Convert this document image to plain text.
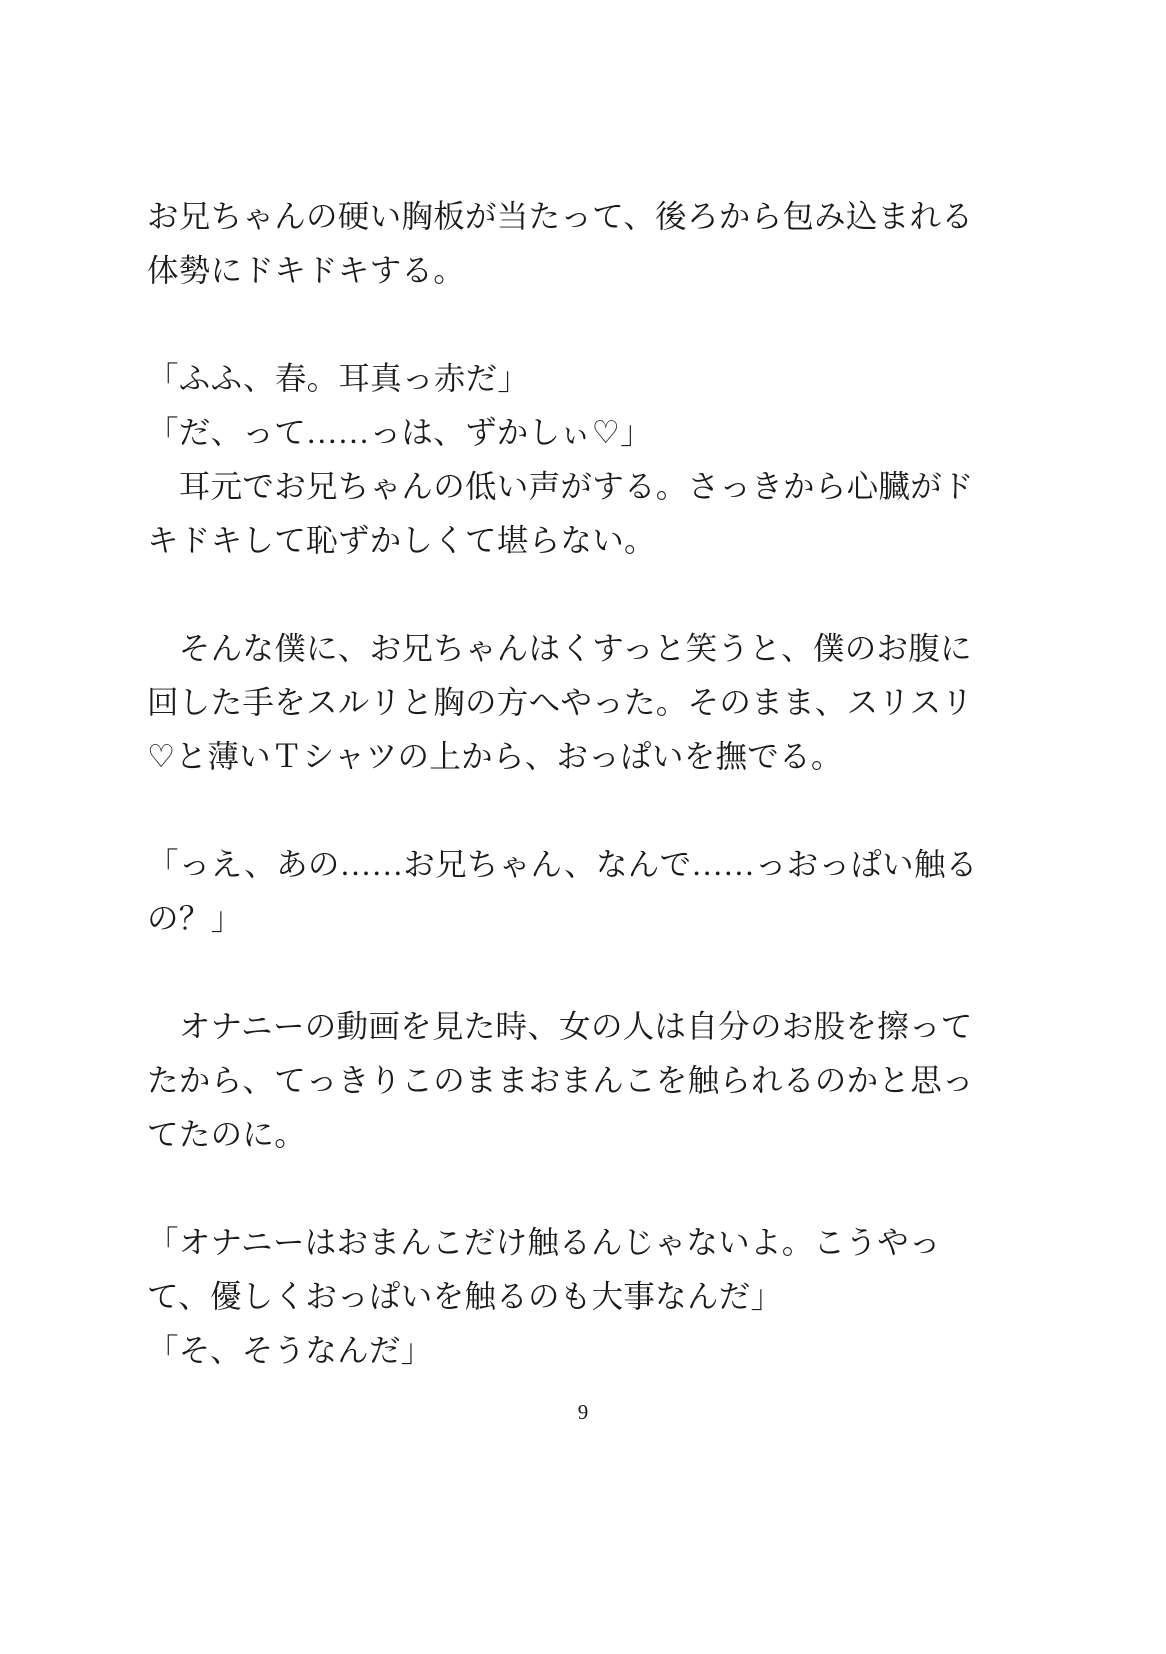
お兄ちゃんの硬い胸板が当たって、後ろから包み込まれる体勢にドキドキする。

「ふふ、春。耳真っ赤だ」

「だ、って……っは、ずかしぃ♡」

　耳元でお兄ちゃんの低い声がする。さっきから心臓がドキドキして恥ずかしくて堪らない。

　そんな僕に、お兄ちゃんはくすっと笑うと、僕のお腹に回した手をスルリと胸の方へやった。そのまま、スリスリ♡と薄いＴシャツの上から、おっぱいを撫でる。

「っえ、あの……お兄ちゃん、なんで……っおっぱい触るの？」

　オナニーの動画を見た時、女の人は自分のお股を擦ってたから、てっきりこのままおまんこを触られるのかと思ってたのに。

「オナニーはおまんこだけ触るんじゃないよ。こうやって、優しくおっぱいを触るのも大事なんだ」

「そ、そうなんだ」

9
